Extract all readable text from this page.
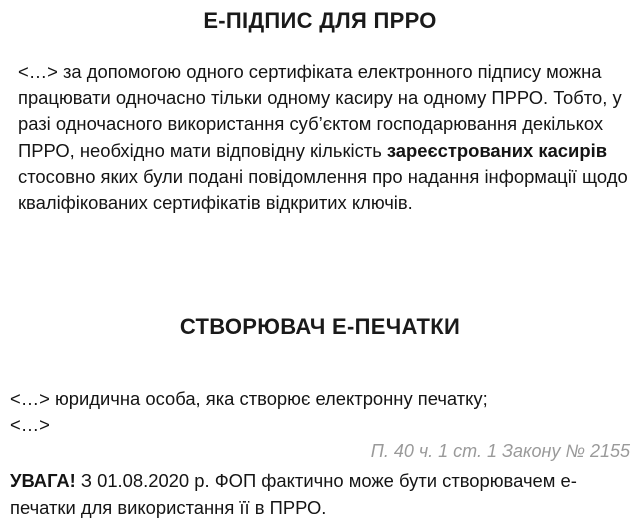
Е-ПІДПИС ДЛЯ ПРРО
<…> за допомогою одного сертифіката електронного підпису можна працювати одночасно тільки одному касиру на одному ПРРО. Тобто, у разі одночасного використання суб’єктом господарювання декількох ПРРО, необхідно мати відповідну кількість зареєстрованих касирів стосовно яких були подані повідомлення про надання інформації щодо кваліфікованих сертифікатів відкритих ключів.
СТВОРЮВАЧ Е-ПЕЧАТКИ
<…> юридична особа, яка створює електронну печатку;
<…>
П. 40 ч. 1 ст. 1 Закону № 2155
УВАГА! З 01.08.2020 р. ФОП фактично може бути створювачем е-печатки для використання її в ПРРО.
